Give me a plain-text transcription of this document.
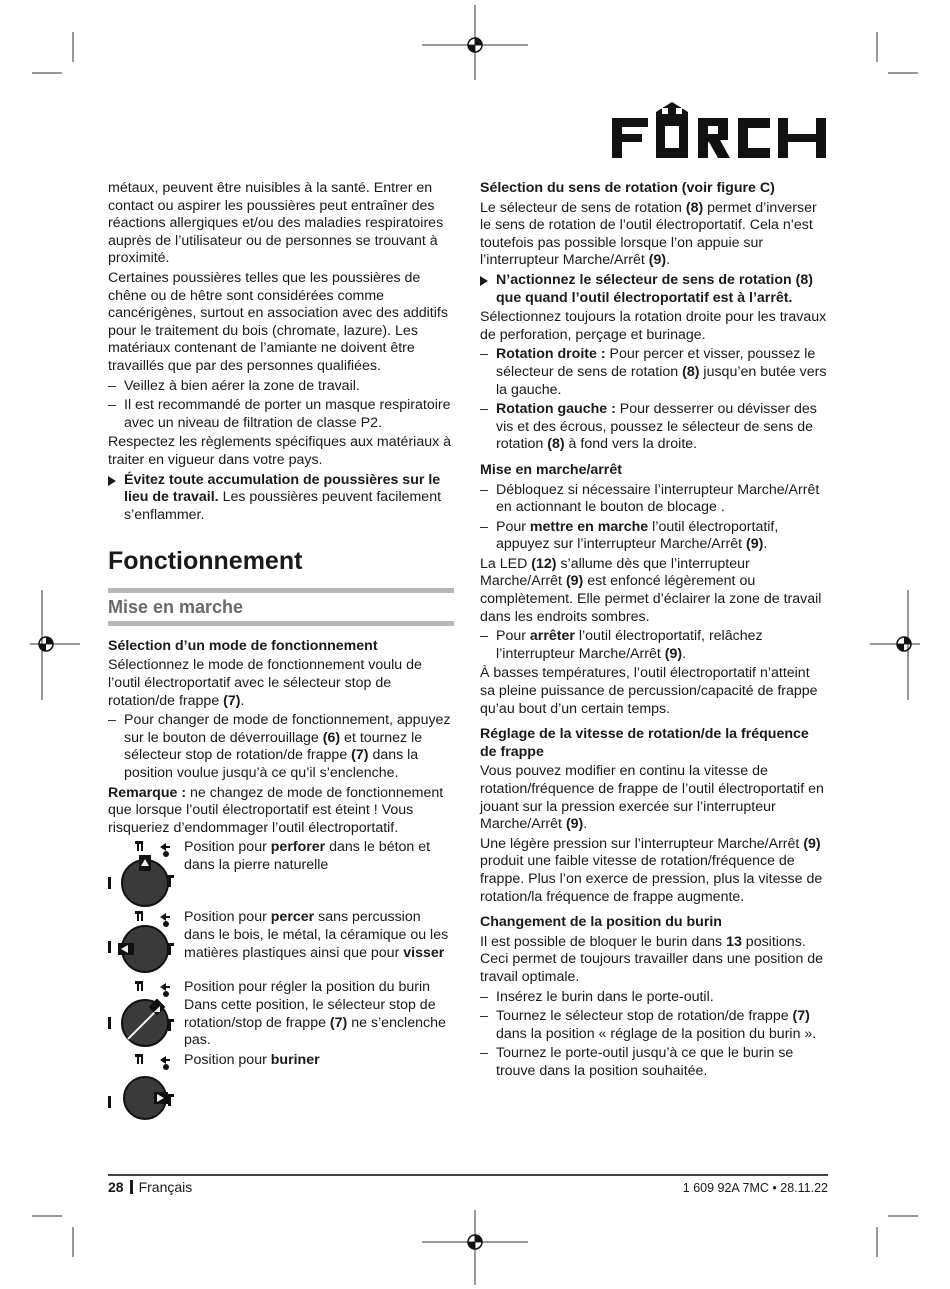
métaux, peuvent être nuisibles à la santé. Entrer en contact ou aspirer les poussières peut entraîner des réactions allergiques et/ou des maladies respiratoires auprès de l’utilisateur ou de personnes se trouvant à proximité.

Certaines poussières telles que les poussières de chêne ou de hêtre sont considérées comme cancérigènes, surtout en association avec des additifs pour le traitement du bois (chromate, lazure). Les matériaux contenant de l’amiante ne doivent être travaillés que par des personnes qualifiées.

– Veillez à bien aérer la zone de travail.
– Il est recommandé de porter un masque respiratoire avec un niveau de filtration de classe P2.

Respectez les règlements spécifiques aux matériaux à traiter en vigueur dans votre pays.

Évitez toute accumulation de poussières sur le lieu de travail. Les poussières peuvent facilement s’enflammer.
Fonctionnement
Mise en marche
Sélection d’un mode de fonctionnement

Sélectionnez le mode de fonctionnement voulu de l’outil électroportatif avec le sélecteur stop de rotation/de frappe (7).

– Pour changer de mode de fonctionnement, appuyez sur le bouton de déverrouillage (6) et tournez le sélecteur stop de rotation/de frappe (7) dans la position voulue jusqu’à ce qu’il s’enclenche.

Remarque : ne changez de mode de fonctionnement que lorsque l’outil électroportatif est éteint ! Vous risqueriez d’endommager l’outil électroportatif.

Position pour perforer dans le béton et dans la pierre naturelle
Position pour percer sans percussion dans le bois, le métal, la céramique ou les matières plastiques ainsi que pour visser
Position pour régler la position du burin Dans cette position, le sélecteur stop de rotation/stop de frappe (7) ne s’enclenche pas.
Position pour buriner
Sélection du sens de rotation (voir figure C)

Le sélecteur de sens de rotation (8) permet d’inverser le sens de rotation de l’outil électroportatif. Cela n’est toutefois pas possible lorsque l’on appuie sur l’interrupteur Marche/Arrêt (9).

N’actionnez le sélecteur de sens de rotation (8) que quand l’outil électroportatif est à l’arrêt.

Sélectionnez toujours la rotation droite pour les travaux de perforation, perçage et burinage.

– Rotation droite : Pour percer et visser, poussez le sélecteur de sens de rotation (8) jusqu’en butée vers la gauche.
– Rotation gauche : Pour desserrer ou dévisser des vis et des écrous, poussez le sélecteur de sens de rotation (8) à fond vers la droite.
Mise en marche/arrêt
– Débloquez si nécessaire l’interrupteur Marche/Arrêt en actionnant le bouton de blocage .
– Pour mettre en marche l’outil électroportatif, appuyez sur l’interrupteur Marche/Arrêt (9).

La LED (12) s’allume dès que l’interrupteur Marche/Arrêt (9) est enfoncé légèrement ou complètement. Elle permet d’éclairer la zone de travail dans les endroits sombres.

– Pour arrêter l’outil électroportatif, relâchez l’interrupteur Marche/Arrêt (9).

À basses températures, l’outil électroportatif n’atteint sa pleine puissance de percussion/capacité de frappe qu’au bout d’un certain temps.

Réglage de la vitesse de rotation/de la fréquence de frappe

Vous pouvez modifier en continu la vitesse de rotation/fréquence de frappe de l’outil électroportatif en jouant sur la pression exercée sur l’interrupteur Marche/Arrêt (9).

Une légère pression sur l’interrupteur Marche/Arrêt (9) produit une faible vitesse de rotation/fréquence de frappe. Plus l’on exerce de pression, plus la vitesse de rotation/la fréquence de frappe augmente.

Changement de la position du burin

Il est possible de bloquer le burin dans 13 positions. Ceci permet de toujours travailler dans une position de travail optimale.

– Insérez le burin dans le porte-outil.
– Tournez le sélecteur stop de rotation/de frappe (7) dans la position « réglage de la position du burin ».
– Tournez le porte-outil jusqu’à ce que le burin se trouve dans la position souhaitée.
28 Français	1 609 92A 7MC • 28.11.22
